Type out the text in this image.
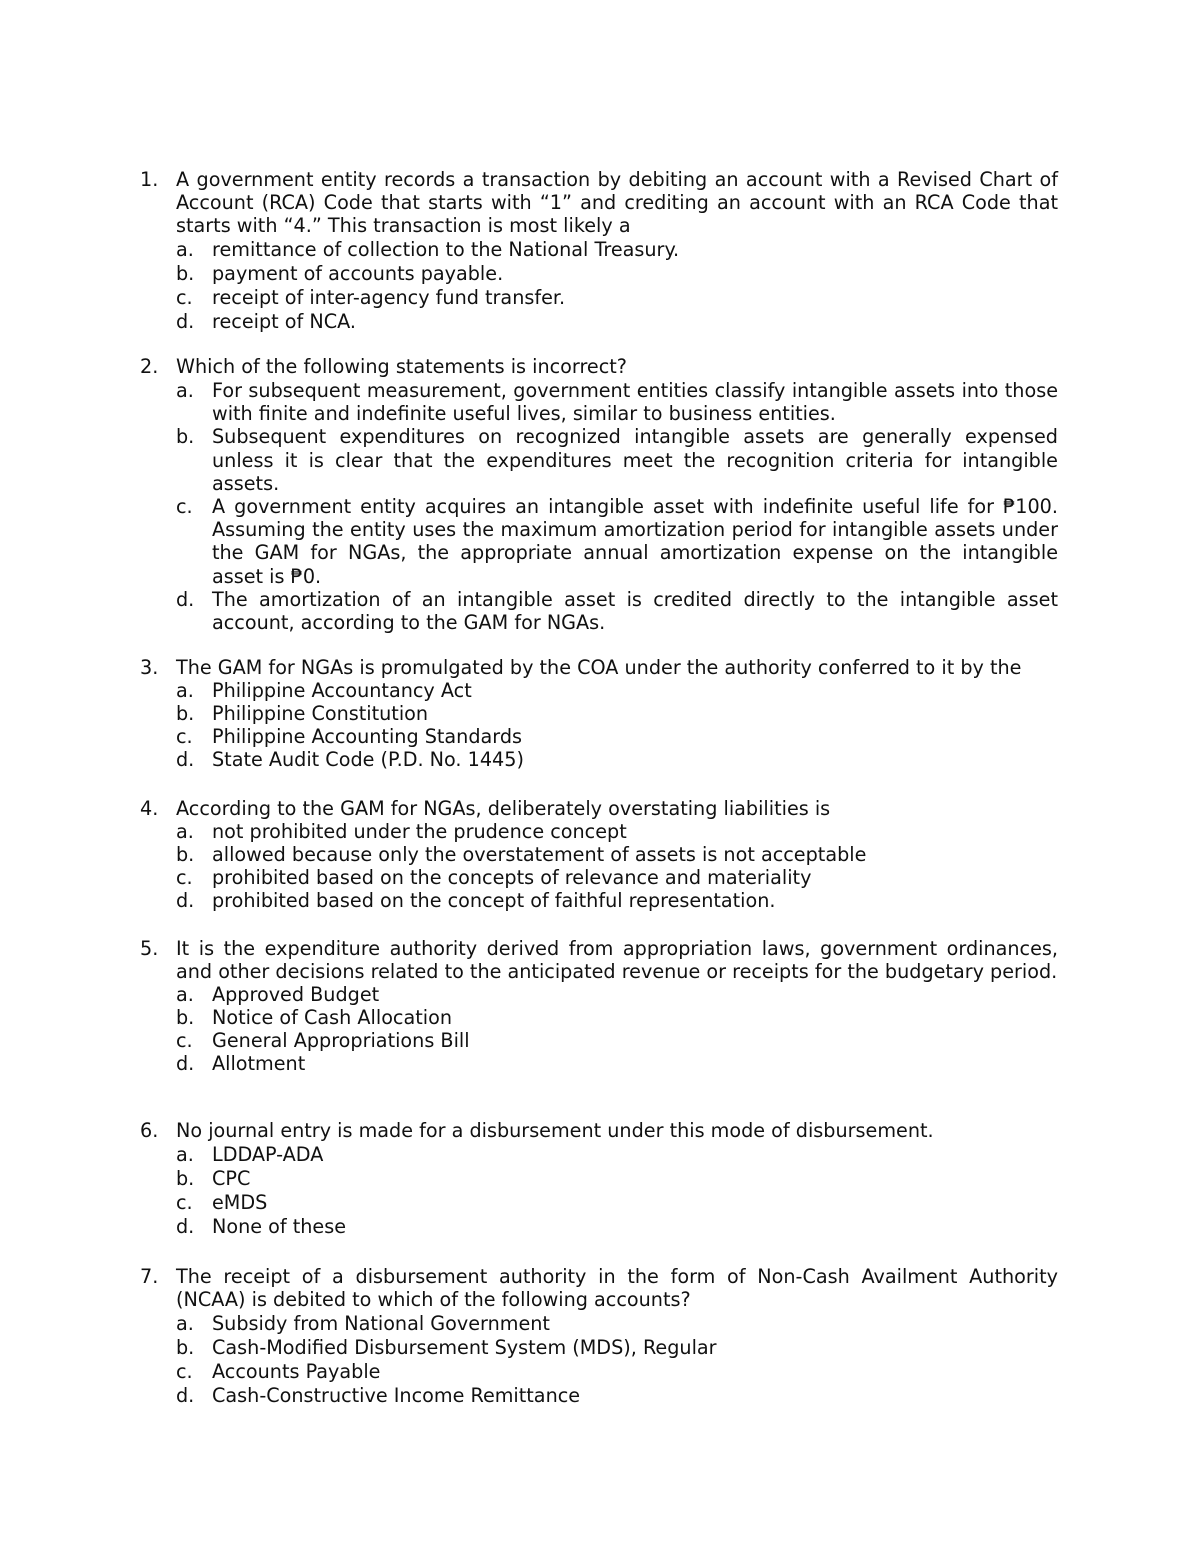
1. A government entity records a transaction by debiting an account with a Revised Chart of Account (RCA) Code that starts with “1” and crediting an account with an RCA Code that starts with “4.” This transaction is most likely a
a. remittance of collection to the National Treasury.
b. payment of accounts payable.
c.	receipt of inter-agency fund transfer.
d. receipt of NCA.
2. Which of the following statements is incorrect?
a. For subsequent measurement, government entities classify intangible assets into those with finite and indefinite useful lives, similar to business entities.
b. Subsequent expenditures on recognized intangible assets are generally expensed unless it is clear that the expenditures meet the recognition criteria for intangible assets.
c.	A government entity acquires an intangible asset with indefinite useful life for ₱100. Assuming the entity uses the maximum amortization period for intangible assets under the GAM for NGAs, the appropriate annual amortization expense on the intangible asset is ₱0.
d. The amortization of an intangible asset is credited directly to the intangible asset account, according to the GAM for NGAs.
3. The GAM for NGAs is promulgated by the COA under the authority conferred to it by the
a. Philippine Accountancy Act
b. Philippine Constitution
c.	Philippine Accounting Standards
d. State Audit Code (P.D. No. 1445)
4. According to the GAM for NGAs, deliberately overstating liabilities is
a. not prohibited under the prudence concept
b. allowed because only the overstatement of assets is not acceptable
c.	prohibited based on the concepts of relevance and materiality
d. prohibited based on the concept of faithful representation.
5. It is the expenditure authority derived from appropriation laws, government ordinances, and other decisions related to the anticipated revenue or receipts for the budgetary period.
a. Approved Budget
b. Notice of Cash Allocation
c.	General Appropriations Bill
d. Allotment
6. No journal entry is made for a disbursement under this mode of disbursement.
a. LDDAP-ADA
b. CPC
c.	eMDS
d. None of these
7. The receipt of a disbursement authority in the form of Non-Cash Availment Authority (NCAA) is debited to which of the following accounts?
a. Subsidy from National Government
b. Cash-Modified Disbursement System (MDS), Regular
c.	Accounts Payable
d. Cash-Constructive Income Remittance
